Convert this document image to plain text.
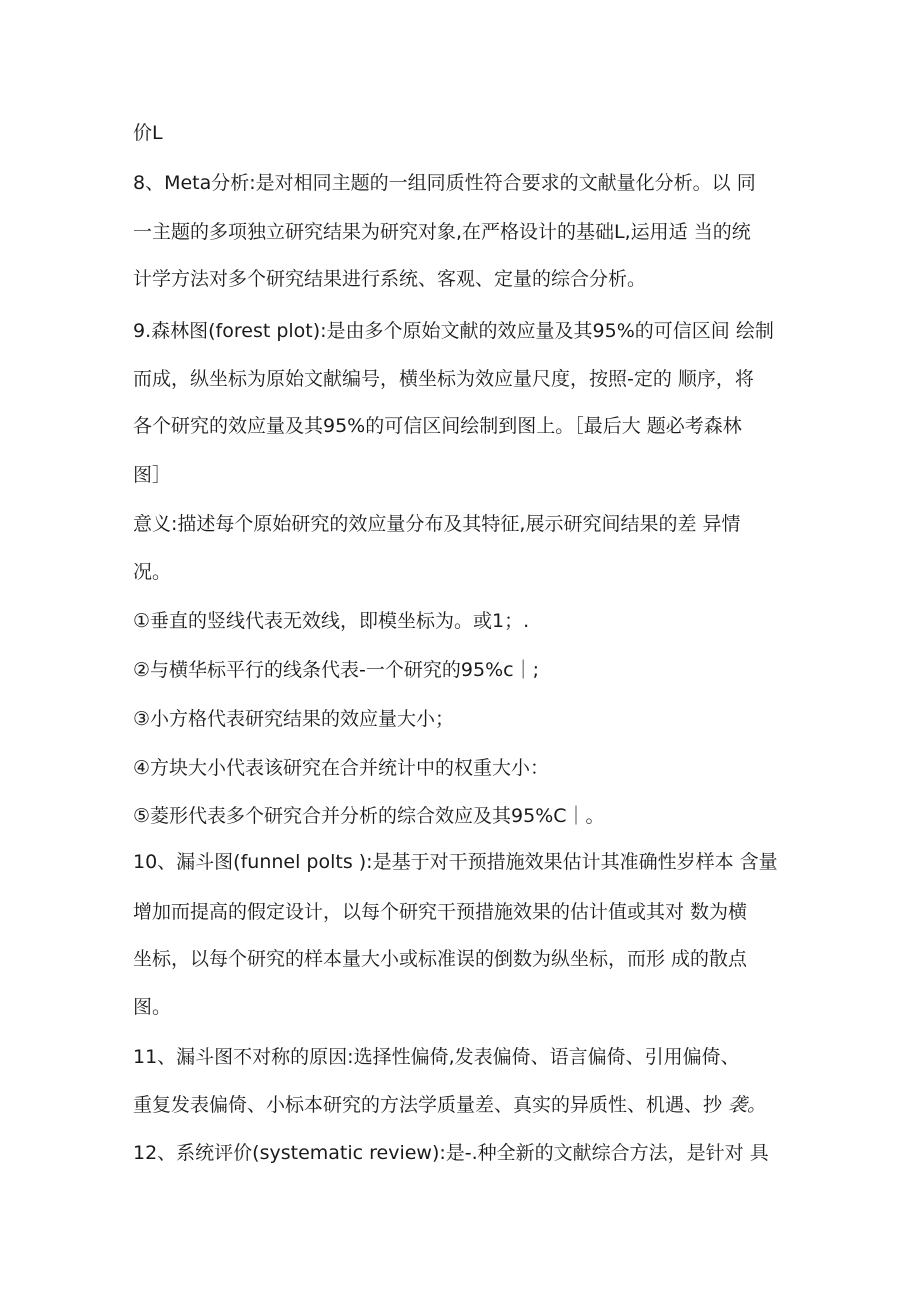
价L
8、Meta分析:是对相同主题的一组同质性符合要求的文献量化分析。以 同
一主题的多项独立研究结果为研究对象,在严格设计的基础L,运用适 当的统
计学方法对多个研究结果进行系统、客观、定量的综合分析。
9.森林图(forest plot):是由多个原始文献的效应量及其95%的可信区间 绘制
而成，纵坐标为原始文献编号，横坐标为效应量尺度，按照-定的 顺序，将
各个研究的效应量及其95%的可信区间绘制到图上。［最后大 题必考森林
图］
意义:描述每个原始研究的效应量分布及其特征,展示研究间结果的差 异情
况。
①垂直的竖线代表无效线，即模坐标为。或1；.
②与横华标平行的线条代表-一个研究的95%c｜;
③小方格代表研究结果的效应量大小；
④方块大小代表该研究在合并统计中的权重大小：
⑤菱形代表多个研究合并分析的综合效应及其95%C｜。
10、漏斗图(funnel polts ):是基于对干预措施效果估计其准确性岁样本 含量
增加而提高的假定设计，以每个研究干预措施效果的估计值或其对 数为横
坐标，以每个研究的样本量大小或标准误的倒数为纵坐标，而形 成的散点
图。
11、漏斗图不对称的原因:选择性偏倚,发表偏倚、语言偏倚、引用偏倚、
重复发表偏倚、小标本研究的方法学质量差、真实的异质性、机遇、抄 袭。
12、系统评价(systematic review):是-.种全新的文献综合方法，是针对 具
